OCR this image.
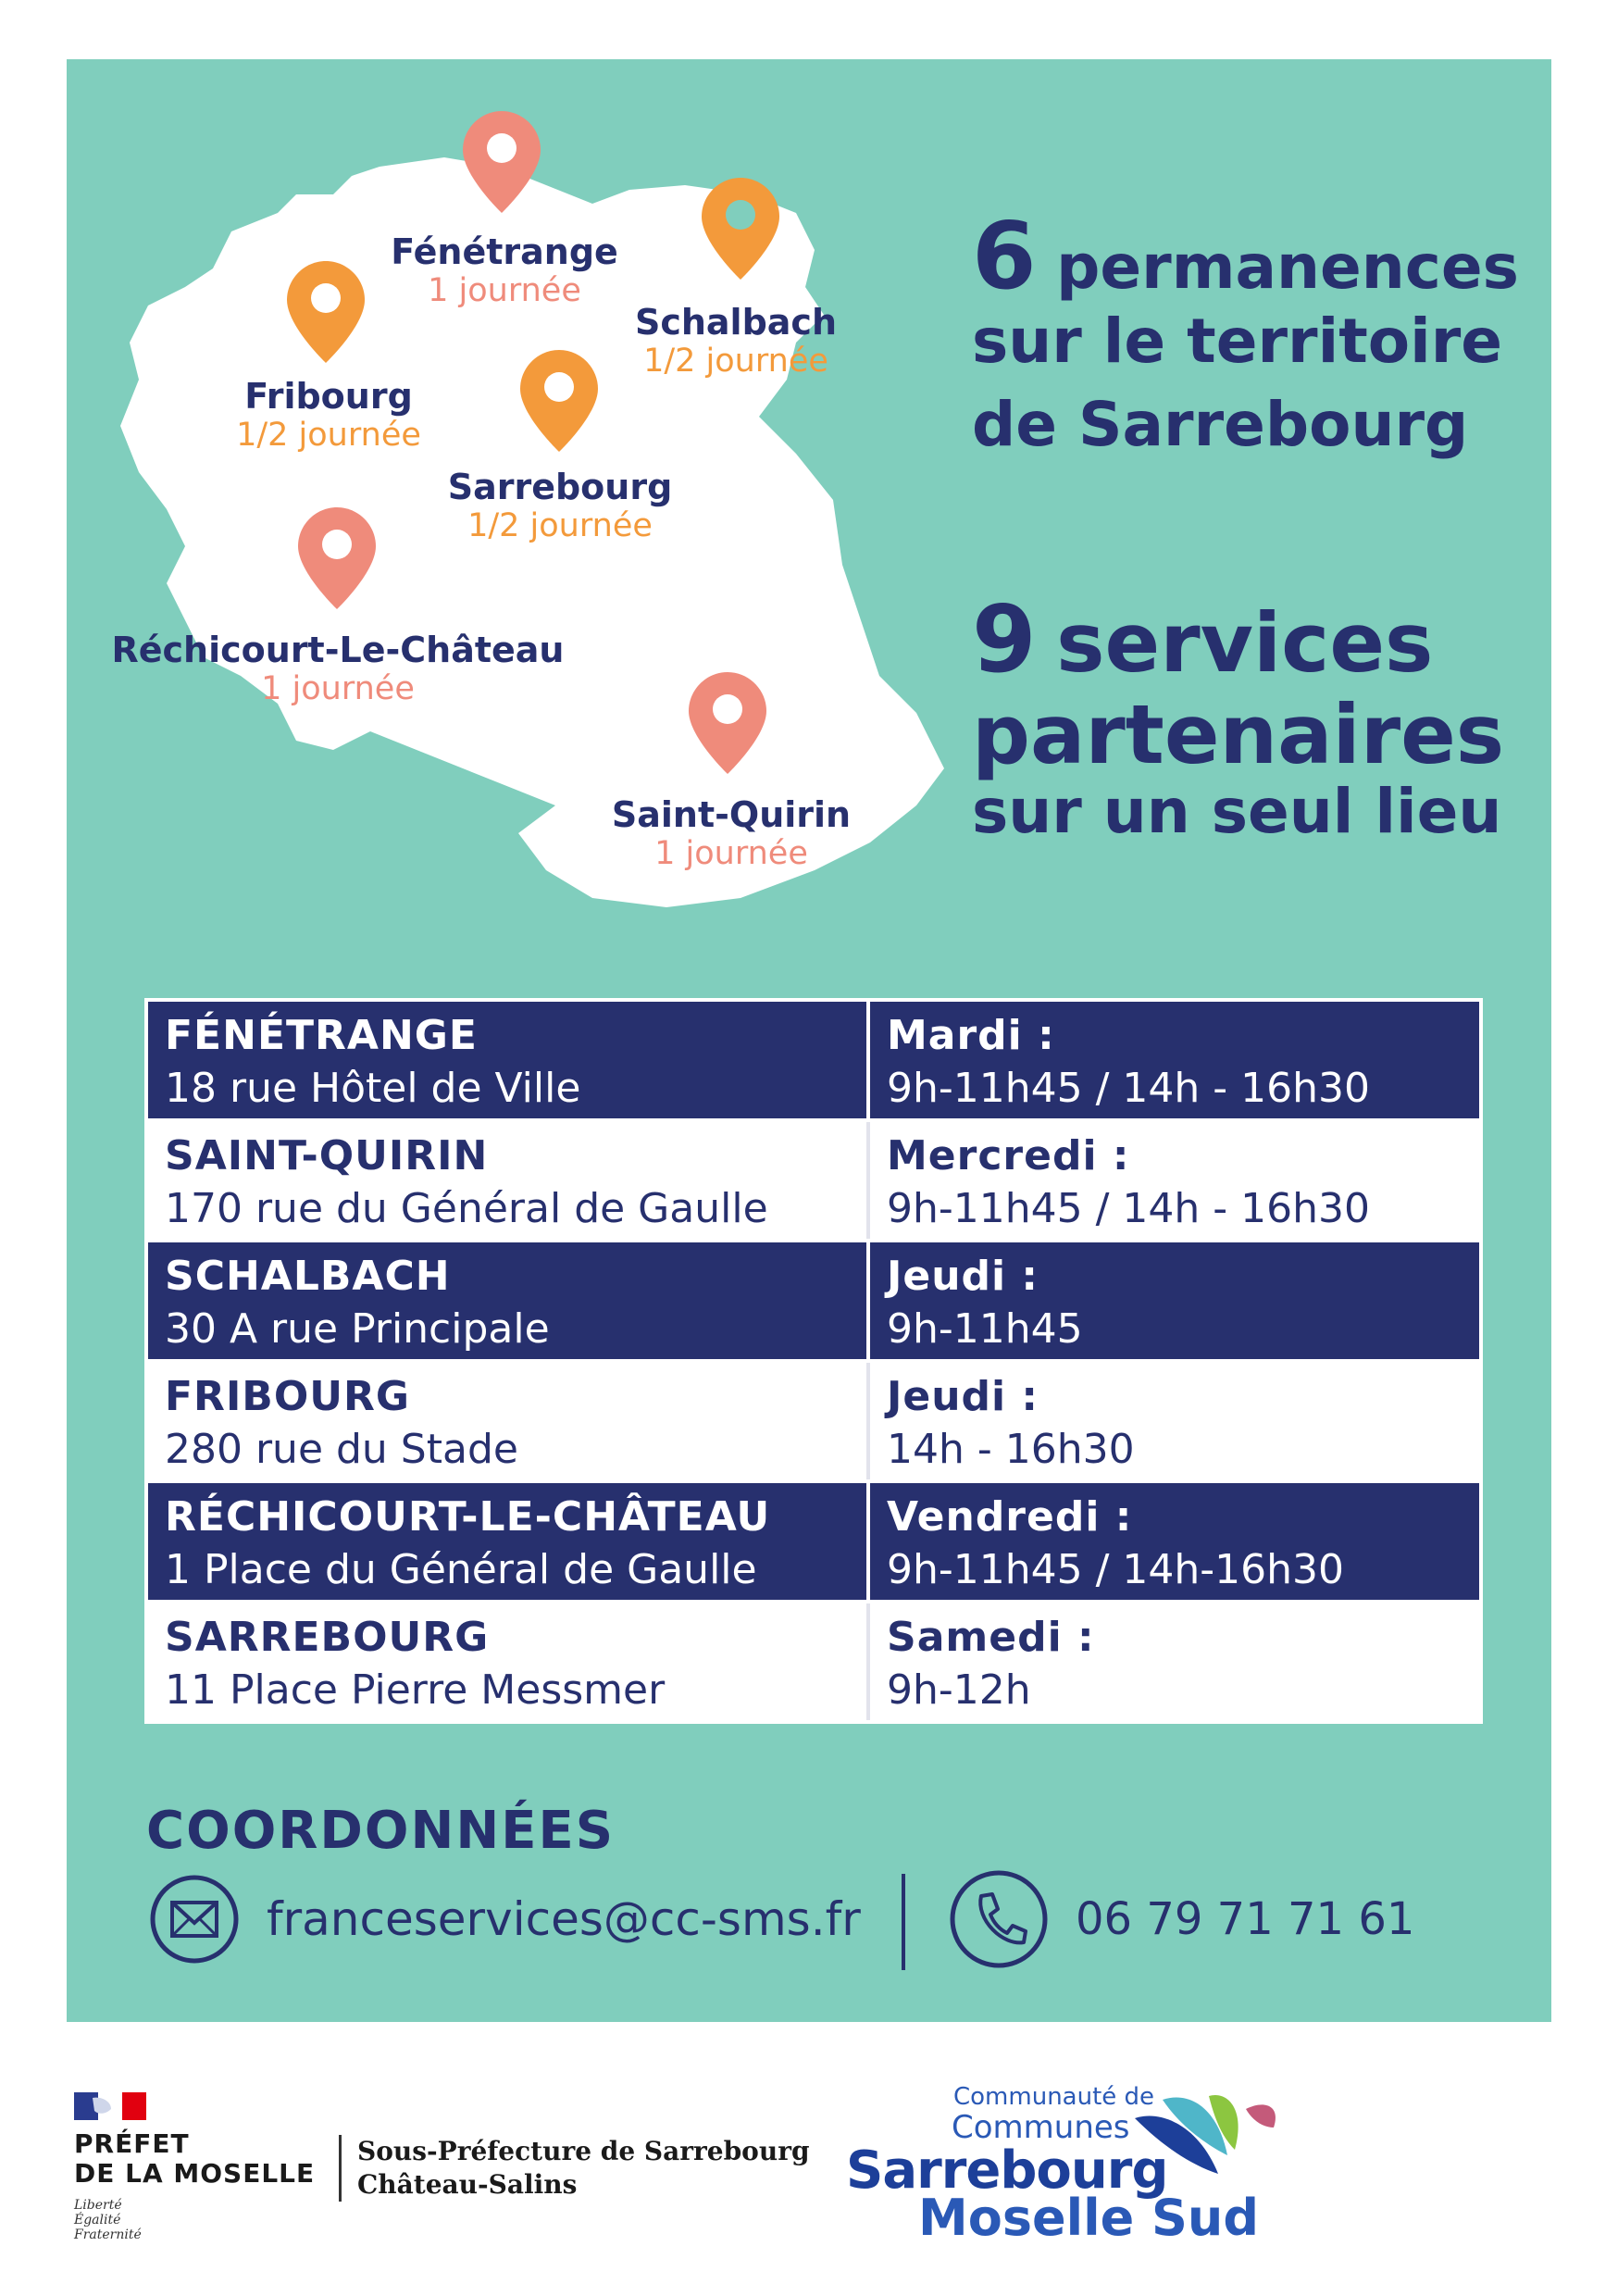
Fénétrange
1 journée
Schalbach
1/2 journée
Fribourg
1/2 journée
Sarrebourg
1/2 journée
Réchicourt-Le-Château
1 journée
Saint-Quirin
1 journée
6 permanences
sur le territoire
de Sarrebourg
9 services
partenaires
sur un seul lieu
FÉNÉTRANGE
18 rue Hôtel de Ville
Mardi :
9h-11h45 / 14h - 16h30
SAINT-QUIRIN
170 rue du Général de Gaulle
Mercredi :
9h-11h45 / 14h - 16h30
SCHALBACH
30 A rue Principale
Jeudi :
9h-11h45
FRIBOURG
280 rue du Stade
Jeudi :
14h - 16h30
RÉCHICOURT-LE-CHÂTEAU
1 Place du Général de Gaulle
Vendredi :
9h-11h45 / 14h-16h30
SARREBOURG
11 Place Pierre Messmer
Samedi :
9h-12h
COORDONNÉES
franceservices@cc-sms.fr	06 79 71 71 61
PRÉFET
DE LA MOSELLE
Liberté
Égalité
Fraternité
Sous-Préfecture de Sarrebourg
Château-Salins
Communauté de
Communes
Sarrebourg
Moselle Sud
